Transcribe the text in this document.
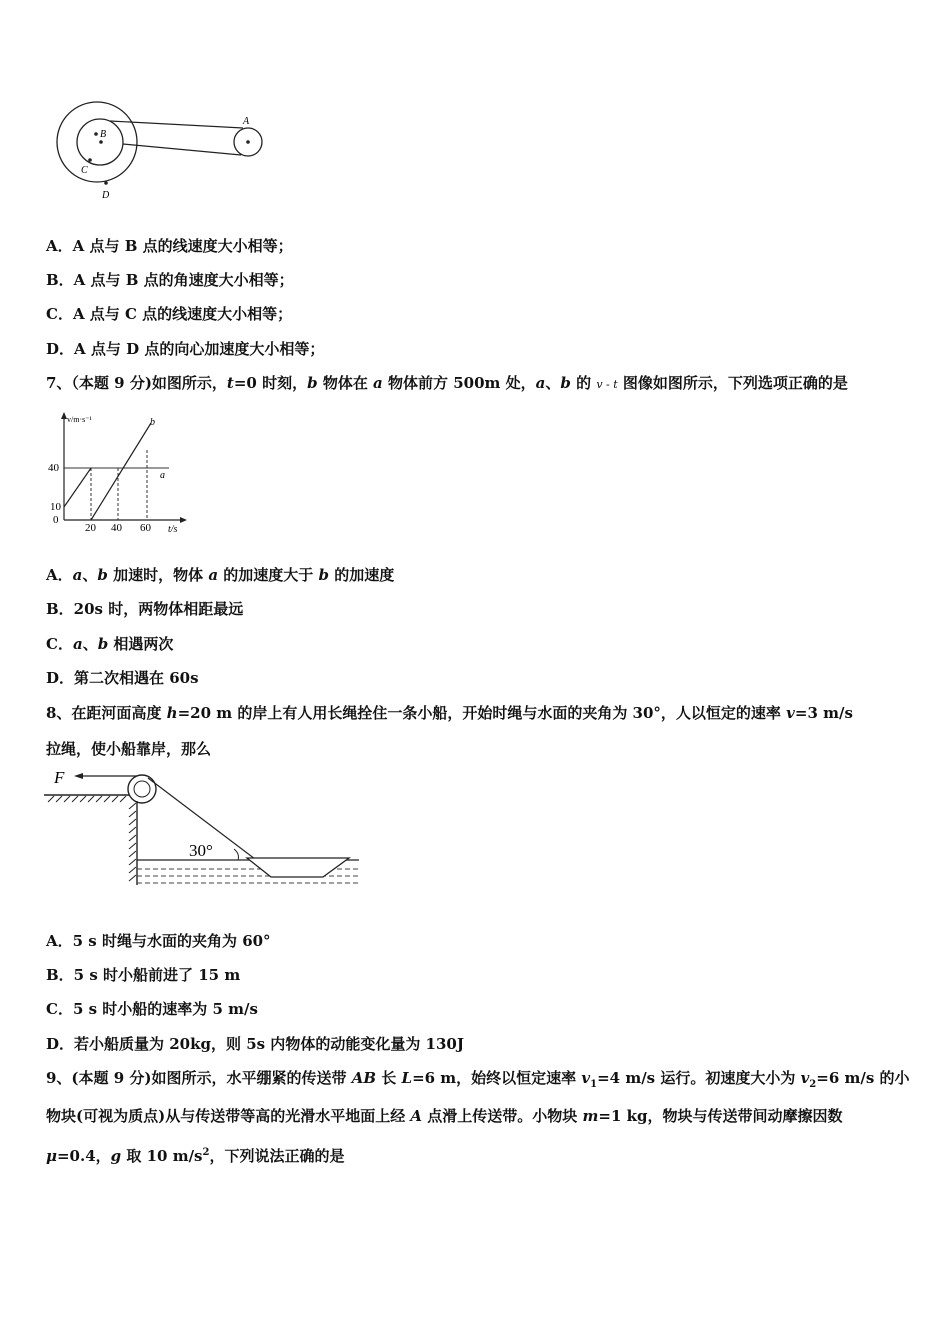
B
C
D
A
A．A 点与 B 点的线速度大小相等；
B．A 点与 B 点的角速度大小相等；
C．A 点与 C 点的线速度大小相等；
D．A 点与 D 点的向心加速度大小相等；
7、（本题 9 分)如图所示，t=0 时刻，b 物体在 a 物体前方 500m 处，a、b 的 v - t 图像如图所示，下列选项正确的是
v/m·s⁻¹
t/s
b
a
40
10
0
20 40 60
A．a、b 加速时，物体 a 的加速度大于 b 的加速度
B．20s 时，两物体相距最远
C．a、b 相遇两次
D．第二次相遇在 60s
8、在距河面高度 h=20 m 的岸上有人用长绳拴住一条小船，开始时绳与水面的夹角为 30°，人以恒定的速率 v=3 m/s
拉绳，使小船靠岸，那么
F
30°
A．5 s 时绳与水面的夹角为 60°
B．5 s 时小船前进了 15 m
C．5 s 时小船的速率为 5 m/s
D．若小船质量为 20kg，则 5s 内物体的动能变化量为 130J
9、(本题 9 分)如图所示，水平绷紧的传送带 AB 长 L=6 m，始终以恒定速率 $v_1=4$ m/s 运行。初速度大小为 $v_2=6$ m/s 的小
物块(可视为质点)从与传送带等高的光滑水平地面上经 A 点滑上传送带。小物块 m=1 kg，物块与传送带间动摩擦因数
μ=0.4，g 取 10 $m/s^2$，下列说法正确的是
